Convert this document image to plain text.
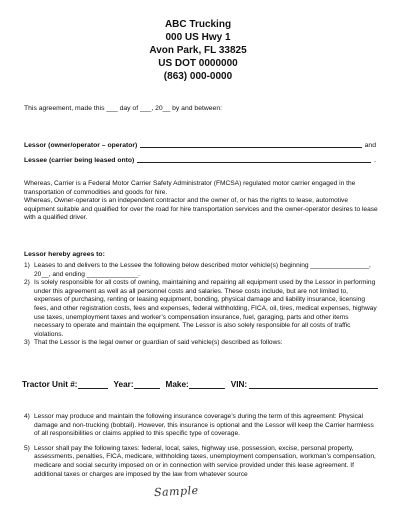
ABC Trucking
000 US Hwy 1
Avon Park, FL 33825
US DOT 0000000
(863) 000-0000
This agreement, made this ___ day of ___, 20__ by and between:
Lessor (owner/operator – operator)	and
Lessee (carrier being leased onto)	.

Whereas, Carrier is a Federal Motor Carrier Safety Administrator (FMCSA) regulated motor carrier engaged in the transportation of commodities and goods for hire.

Whereas, Owner-operator is an independent contractor and the owner of, or has the rights to lease, automotive equipment suitable and qualified for over the road for hire transportation services and the owner-operator desires to lease with a qualified driver.

Lessor hereby agrees to:
1) Leases to and delivers to the Lessee the following below described motor vehicle(s) beginning ________________, 20__, and ending ______________.
2) Is solely responsible for all costs of owning, maintaining and repairing all equipment used by the Lessor in performing under this agreement as well as all personnel costs and salaries. These costs include, but are not limited to, expenses of purchasing, renting or leasing equipment, bonding, physical damage and liability insurance, licensing fees, and other registration costs, fees and expenses, federal withholding, FICA, oil, tires, medical expenses, highway use taxes, unemployment taxes and worker’s compensation insurance, fuel, garaging, parts and other items necessary to operate and maintain the equipment. The Lessor is also solely responsible for all costs of traffic violations.
3) That the Lessor is the legal owner or guardian of said vehicle(s) described as follows:
Tractor Unit #:	Year:	Make:	VIN:
4) Lessor may produce and maintain the following insurance coverage’s during the term of this agreement: Physical damage and non-trucking (bobtail). However, this insurance is optional and the Lessor will keep the Carrier harmless of all responsibilities or claims applied to this specific type of coverage.
5) Lessor shall pay the following taxes: federal, local, sales, highway use, possession, excise, personal property, assessments, penalties, FICA, medicare, withholding taxes, unemployment compensation, workman’s compensation, medicare and social security imposed on or in connection with service provided under this lease agreement. If additional taxes or charges are imposed by the law from whatever source
Sample
